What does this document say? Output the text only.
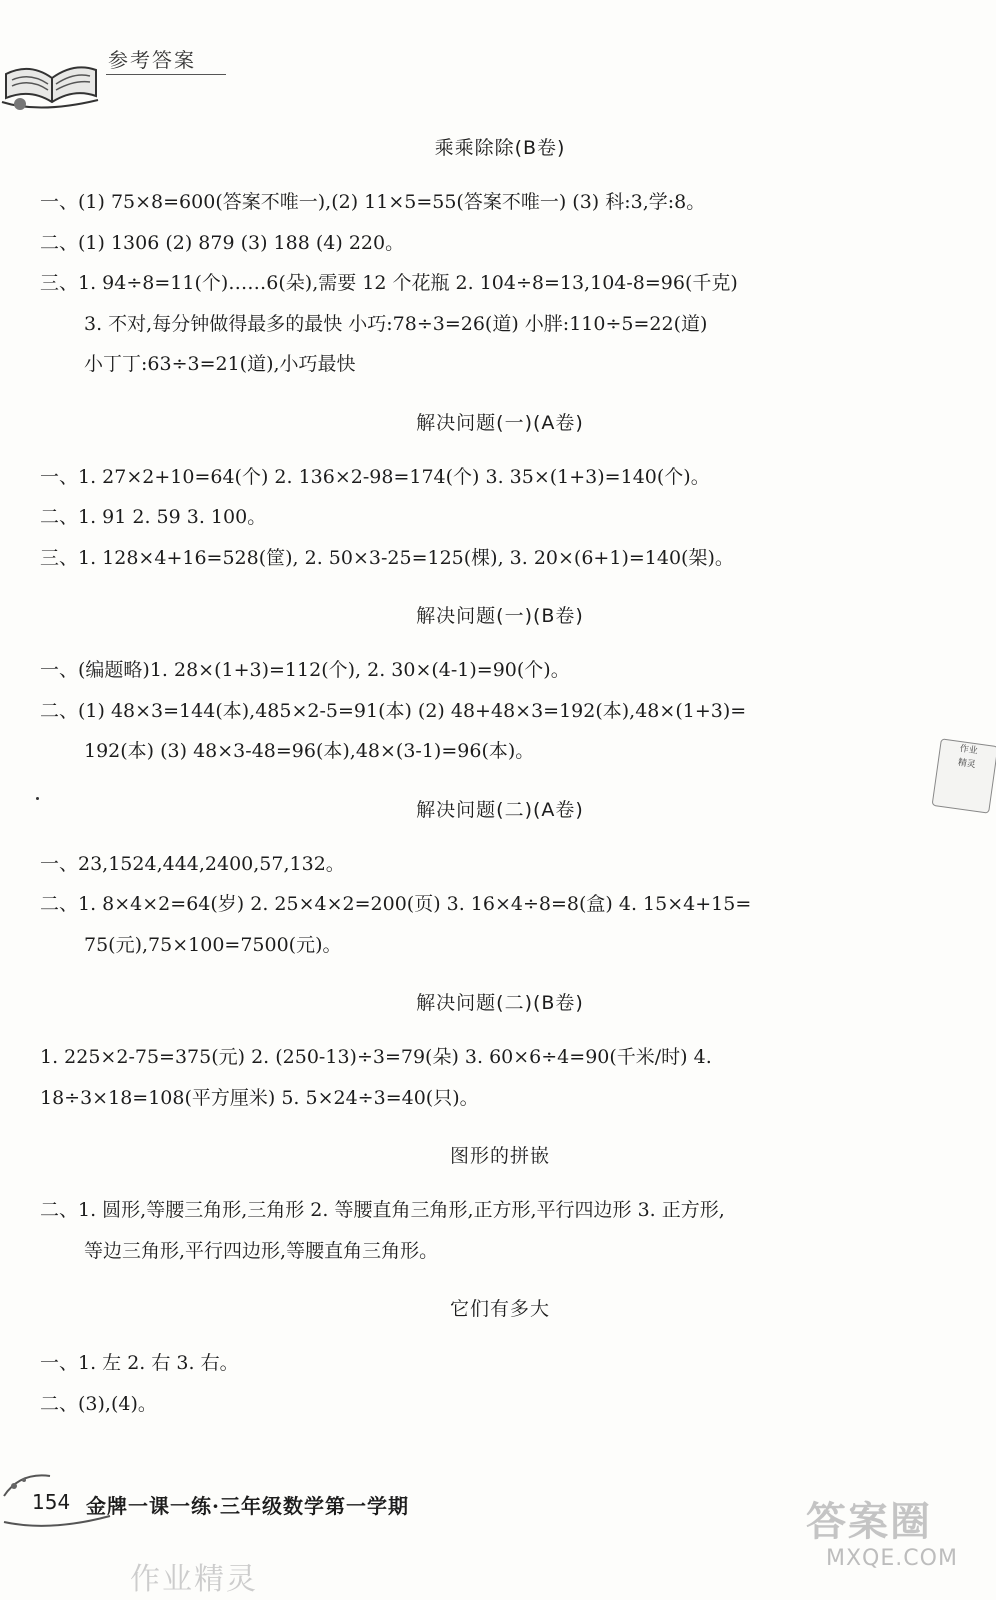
参考答案
乘乘除除(B卷)
一、(1) 75×8=600(答案不唯一),(2) 11×5=55(答案不唯一) (3) 科:3,学:8。
二、(1) 1306 (2) 879 (3) 188 (4) 220。
三、1. 94÷8=11(个)……6(朵),需要 12 个花瓶 2. 104÷8=13,104-8=96(千克)
3. 不对,每分钟做得最多的最快 小巧:78÷3=26(道) 小胖:110÷5=22(道)
小丁丁:63÷3=21(道),小巧最快
解决问题(一)(A卷)
一、1. 27×2+10=64(个) 2. 136×2-98=174(个) 3. 35×(1+3)=140(个)。
二、1. 91 2. 59 3. 100。
三、1. 128×4+16=528(筐), 2. 50×3-25=125(棵), 3. 20×(6+1)=140(架)。
解决问题(一)(B卷)
一、(编题略)1. 28×(1+3)=112(个), 2. 30×(4-1)=90(个)。
二、(1) 48×3=144(本),485×2-5=91(本) (2) 48+48×3=192(本),48×(1+3)=
192(本) (3) 48×3-48=96(本),48×(3-1)=96(本)。
解决问题(二)(A卷)
一、23,1524,444,2400,57,132。
二、1. 8×4×2=64(岁) 2. 25×4×2=200(页) 3. 16×4÷8=8(盒) 4. 15×4+15=
75(元),75×100=7500(元)。
解决问题(二)(B卷)
1. 225×2-75=375(元) 2. (250-13)÷3=79(朵) 3. 60×6÷4=90(千米/时) 4.
18÷3×18=108(平方厘米) 5. 5×24÷3=40(只)。
图形的拼嵌
二、1. 圆形,等腰三角形,三角形 2. 等腰直角三角形,正方形,平行四边形 3. 正方形,
等边三角形,平行四边形,等腰直角三角形。
它们有多大
一、1. 左 2. 右 3. 右。
二、(3),(4)。
作业
精灵
154 金牌一课一练·三年级数学第一学期	答案圈
MXQE.COM
作业精灵
